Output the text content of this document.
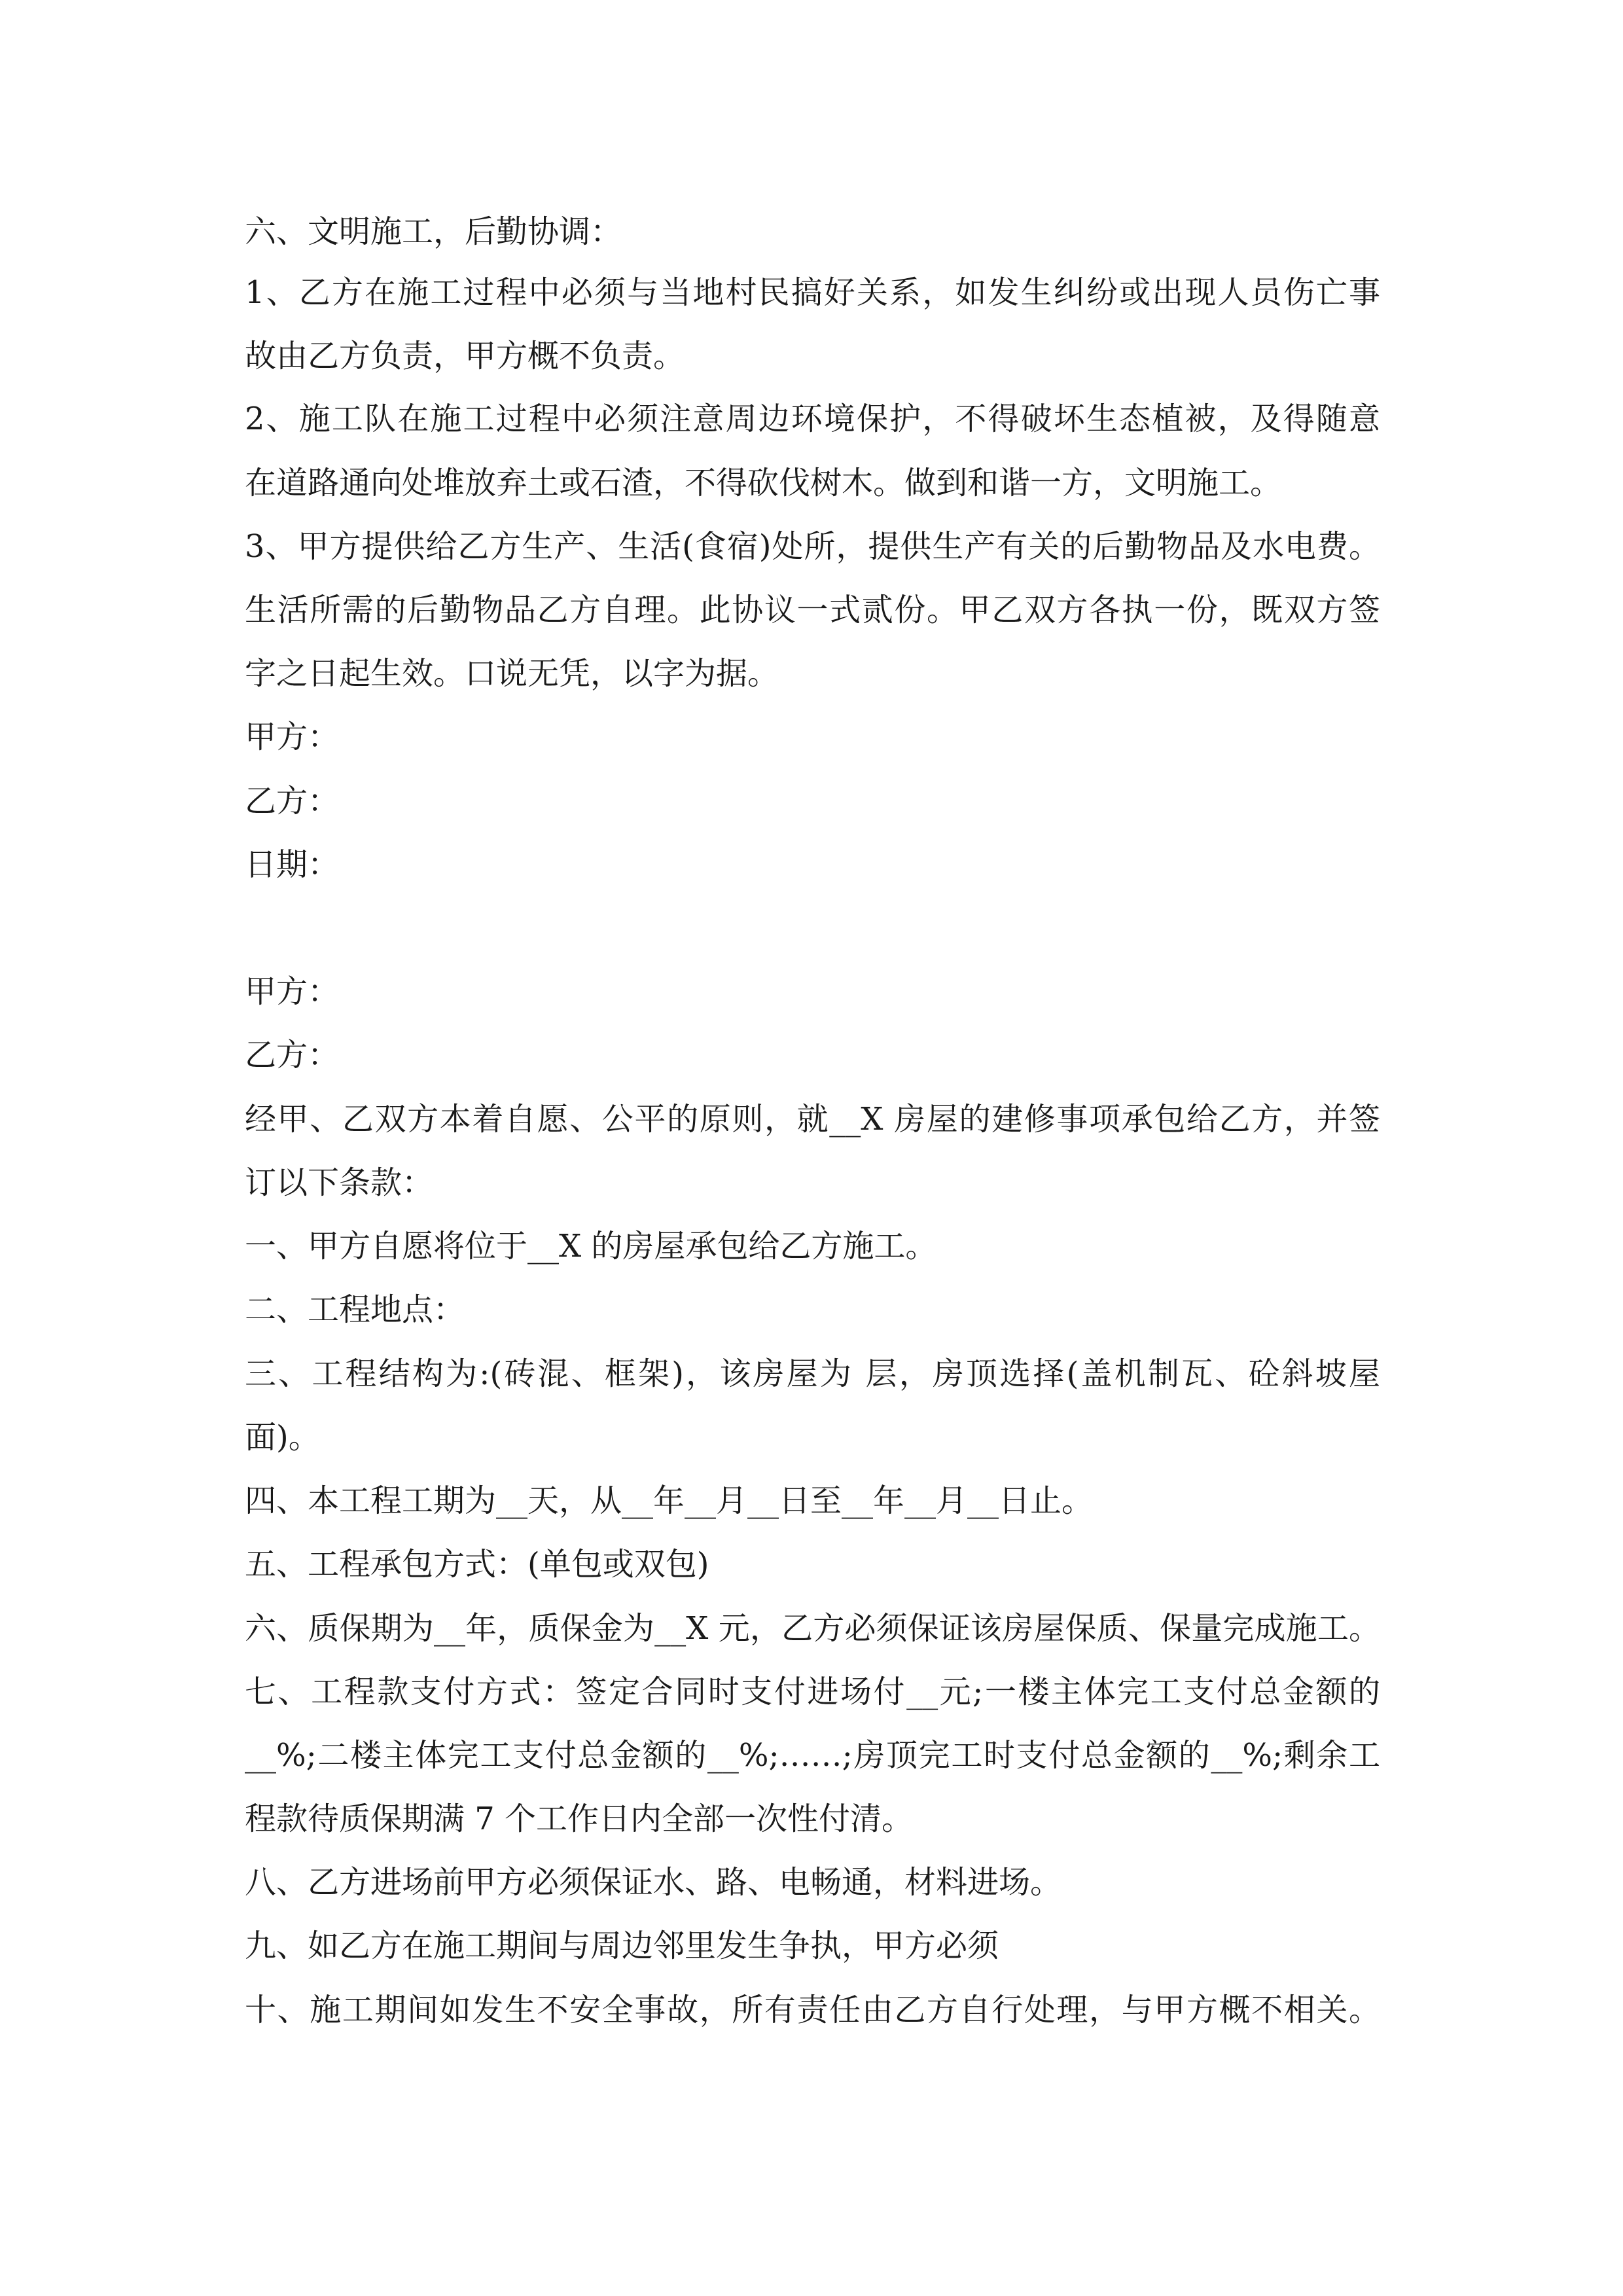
六、文明施工，后勤协调：

1、乙方在施工过程中必须与当地村民搞好关系，如发生纠纷或出现人员伤亡事

故由乙方负责，甲方概不负责。

2、施工队在施工过程中必须注意周边环境保护，不得破坏生态植被，及得随意

在道路通向处堆放弃土或石渣，不得砍伐树木。做到和谐一方，文明施工。

3、甲方提供给乙方生产、生活(食宿)处所，提供生产有关的后勤物品及水电费。

生活所需的后勤物品乙方自理。此协议一式贰份。甲乙双方各执一份，既双方签

字之日起生效。口说无凭，以字为据。

甲方：

乙方：

日期：

甲方：

乙方：

经甲、乙双方本着自愿、公平的原则，就__X 房屋的建修事项承包给乙方，并签

订以下条款：

一、甲方自愿将位于__X 的房屋承包给乙方施工。

二、工程地点：

三、工程结构为:(砖混、框架)，该房屋为 层，房顶选择(盖机制瓦、砼斜坡屋

面)。

四、本工程工期为__天，从__年__月__日至__年__月__日止。

五、工程承包方式：(单包或双包)

六、质保期为__年，质保金为__X 元，乙方必须保证该房屋保质、保量完成施工。

七、工程款支付方式：签定合同时支付进场付__元;一楼主体完工支付总金额的

__%;二楼主体完工支付总金额的__%;……;房顶完工时支付总金额的__%;剩余工

程款待质保期满 7 个工作日内全部一次性付清。

八、乙方进场前甲方必须保证水、路、电畅通，材料进场。

九、如乙方在施工期间与周边邻里发生争执，甲方必须

十、施工期间如发生不安全事故，所有责任由乙方自行处理，与甲方概不相关。
